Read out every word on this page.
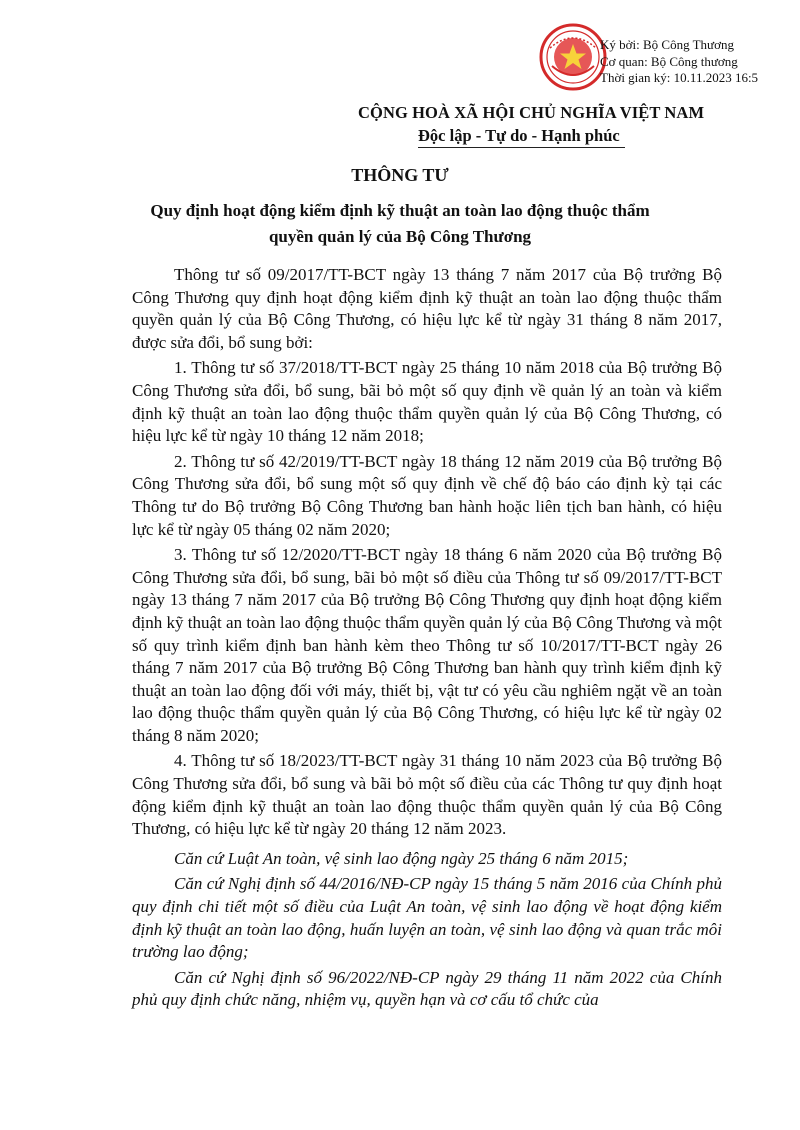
Ký bởi: Bộ Công Thương
Cơ quan: Bộ Công thương
Thời gian ký: 10.11.2023 16:5
CỘNG HOÀ XÃ HỘI CHỦ NGHĨA VIỆT NAM
Độc lập - Tự do - Hạnh phúc
THÔNG TƯ
Quy định hoạt động kiểm định kỹ thuật an toàn lao động thuộc thẩm quyền quản lý của Bộ Công Thương

Thông tư số 09/2017/TT-BCT ngày 13 tháng 7 năm 2017 của Bộ trưởng Bộ Công Thương quy định hoạt động kiểm định kỹ thuật an toàn lao động thuộc thẩm quyền quản lý của Bộ Công Thương, có hiệu lực kể từ ngày 31 tháng 8 năm 2017, được sửa đổi, bổ sung bởi:

1. Thông tư số 37/2018/TT-BCT ngày 25 tháng 10 năm 2018 của Bộ trưởng Bộ Công Thương sửa đổi, bổ sung, bãi bỏ một số quy định về quản lý an toàn và kiểm định kỹ thuật an toàn lao động thuộc thẩm quyền quản lý của Bộ Công Thương, có hiệu lực kể từ ngày 10 tháng 12 năm 2018;

2. Thông tư số 42/2019/TT-BCT ngày 18 tháng 12 năm 2019 của Bộ trưởng Bộ Công Thương sửa đổi, bổ sung một số quy định về chế độ báo cáo định kỳ tại các Thông tư do Bộ trưởng Bộ Công Thương ban hành hoặc liên tịch ban hành, có hiệu lực kể từ ngày 05 tháng 02 năm 2020;

3. Thông tư số 12/2020/TT-BCT ngày 18 tháng 6 năm 2020 của Bộ trưởng Bộ Công Thương sửa đổi, bổ sung, bãi bỏ một số điều của Thông tư số 09/2017/TT-BCT ngày 13 tháng 7 năm 2017 của Bộ trưởng Bộ Công Thương quy định hoạt động kiểm định kỹ thuật an toàn lao động thuộc thẩm quyền quản lý của Bộ Công Thương và một số quy trình kiểm định ban hành kèm theo Thông tư số 10/2017/TT-BCT ngày 26 tháng 7 năm 2017 của Bộ trưởng Bộ Công Thương ban hành quy trình kiểm định kỹ thuật an toàn lao động đối với máy, thiết bị, vật tư có yêu cầu nghiêm ngặt về an toàn lao động thuộc thẩm quyền quản lý của Bộ Công Thương, có hiệu lực kể từ ngày 02 tháng 8 năm 2020;

4. Thông tư số 18/2023/TT-BCT ngày 31 tháng 10 năm 2023 của Bộ trưởng Bộ Công Thương sửa đổi, bổ sung và bãi bỏ một số điều của các Thông tư quy định hoạt động kiểm định kỹ thuật an toàn lao động thuộc thẩm quyền quản lý của Bộ Công Thương, có hiệu lực kể từ ngày 20 tháng 12 năm 2023.

Căn cứ Luật An toàn, vệ sinh lao động ngày 25 tháng 6 năm 2015;

Căn cứ Nghị định số 44/2016/NĐ-CP ngày 15 tháng 5 năm 2016 của Chính phủ quy định chi tiết một số điều của Luật An toàn, vệ sinh lao động về hoạt động kiểm định kỹ thuật an toàn lao động, huấn luyện an toàn, vệ sinh lao động và quan trắc môi trường lao động;

Căn cứ Nghị định số 96/2022/NĐ-CP ngày 29 tháng 11 năm 2022 của Chính phủ quy định chức năng, nhiệm vụ, quyền hạn và cơ cấu tổ chức của
